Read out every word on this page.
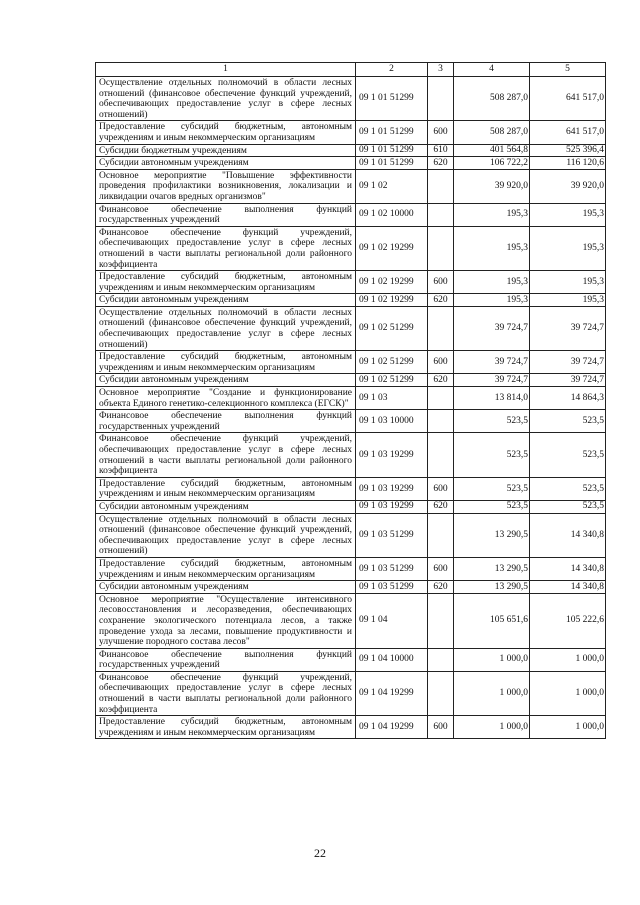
1	2	3	4	5
Осуществление отдельных полномочий в области лесных отношений (финансовое обеспечение функций учреждений, обеспечивающих предоставление услуг в сфере лесных отношений)	09 1 01 51299		508 287,0	641 517,0
Предоставление субсидий бюджетным, автономным учреждениям и иным некоммерческим организациям	09 1 01 51299	600	508 287,0	641 517,0
Субсидии бюджетным учреждениям	09 1 01 51299	610	401 564,8	525 396,4
Субсидии автономным учреждениям	09 1 01 51299	620	106 722,2	116 120,6
Основное мероприятие "Повышение эффективности проведения профилактики возникновения, локализации и ликвидации очагов вредных организмов"	09 1 02		39 920,0	39 920,0
Финансовое обеспечение выполнения функций государственных учреждений	09 1 02 10000		195,3	195,3
Финансовое обеспечение функций учреждений, обеспечивающих предоставление услуг в сфере лесных отношений в части выплаты региональной доли районного коэффициента	09 1 02 19299		195,3	195,3
Предоставление субсидий бюджетным, автономным учреждениям и иным некоммерческим организациям	09 1 02 19299	600	195,3	195,3
Субсидии автономным учреждениям	09 1 02 19299	620	195,3	195,3
Осуществление отдельных полномочий в области лесных отношений (финансовое обеспечение функций учреждений, обеспечивающих предоставление услуг в сфере лесных отношений)	09 1 02 51299		39 724,7	39 724,7
Предоставление субсидий бюджетным, автономным учреждениям и иным некоммерческим организациям	09 1 02 51299	600	39 724,7	39 724,7
Субсидии автономным учреждениям	09 1 02 51299	620	39 724,7	39 724,7
Основное мероприятие "Создание и функционирование объекта Единого генетико-селекционного комплекса (ЕГСК)"	09 1 03		13 814,0	14 864,3
Финансовое обеспечение выполнения функций государственных учреждений	09 1 03 10000		523,5	523,5
Финансовое обеспечение функций учреждений, обеспечивающих предоставление услуг в сфере лесных отношений в части выплаты региональной доли районного коэффициента	09 1 03 19299		523,5	523,5
Предоставление субсидий бюджетным, автономным учреждениям и иным некоммерческим организациям	09 1 03 19299	600	523,5	523,5
Субсидии автономным учреждениям	09 1 03 19299	620	523,5	523,5
Осуществление отдельных полномочий в области лесных отношений (финансовое обеспечение функций учреждений, обеспечивающих предоставление услуг в сфере лесных отношений)	09 1 03 51299		13 290,5	14 340,8
Предоставление субсидий бюджетным, автономным учреждениям и иным некоммерческим организациям	09 1 03 51299	600	13 290,5	14 340,8
Субсидии автономным учреждениям	09 1 03 51299	620	13 290,5	14 340,8
Основное мероприятие "Осуществление интенсивного лесовосстановления и лесоразведения, обеспечивающих сохранение экологического потенциала лесов, а также проведение ухода за лесами, повышение продуктивности и улучшение породного состава лесов"	09 1 04		105 651,6	105 222,6
Финансовое обеспечение выполнения функций государственных учреждений	09 1 04 10000		1 000,0	1 000,0
Финансовое обеспечение функций учреждений, обеспечивающих предоставление услуг в сфере лесных отношений в части выплаты региональной доли районного коэффициента	09 1 04 19299		1 000,0	1 000,0
Предоставление субсидий бюджетным, автономным учреждениям и иным некоммерческим организациям	09 1 04 19299	600	1 000,0	1 000,0
22
